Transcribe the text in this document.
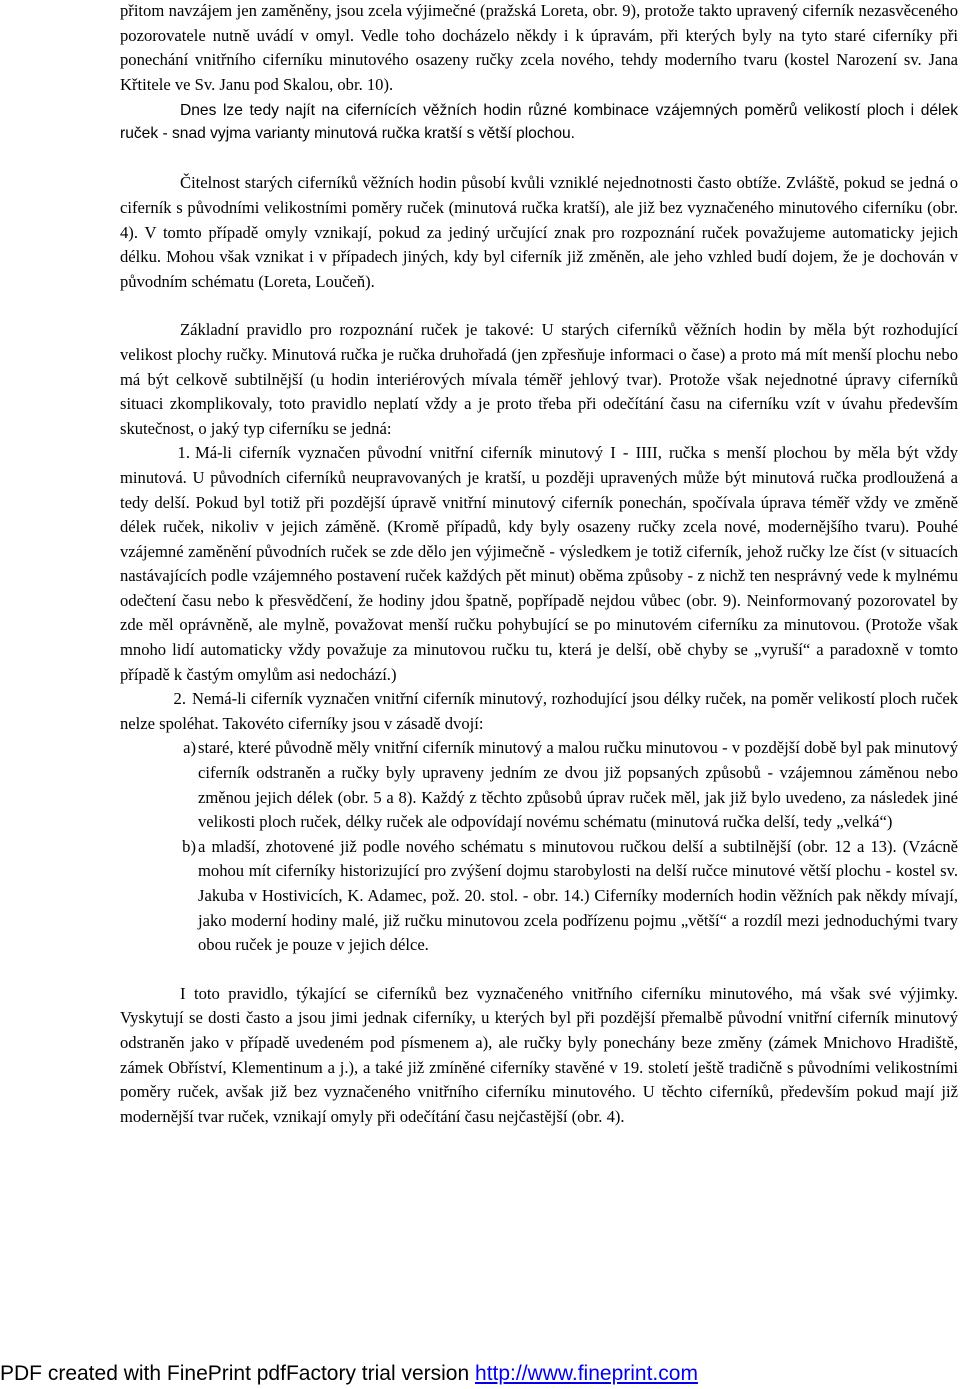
přitom navzájem jen zaměněny, jsou zcela výjimečné (pražská Loreta, obr. 9), protože takto upravený ciferník nezasvěceného pozorovatele nutně uvádí v omyl. Vedle toho docházelo někdy i k úpravám, při kterých byly na tyto staré ciferníky při ponechání vnitřního ciferníku minutového osazeny ručky zcela nového, tehdy moderního tvaru (kostel Narození sv. Jana Křtitele ve Sv. Janu pod Skalou, obr. 10).

Dnes lze tedy najít na cifernících věžních hodin různé kombinace vzájemných poměrů velikostí ploch i délek ruček - snad vyjma varianty minutová ručka kratší s větší plochou.

Čitelnost starých ciferníků věžních hodin působí kvůli vzniklé nejednotnosti často obtíže. Zvláště, pokud se jedná o ciferník s původními velikostními poměry ruček (minutová ručka kratší), ale již bez vyznačeného minutového ciferníku (obr. 4). V tomto případě omyly vznikají, pokud za jediný určující znak pro rozpoznání ruček považujeme automaticky jejich délku. Mohou však vznikat i v případech jiných, kdy byl ciferník již změněn, ale jeho vzhled budí dojem, že je dochován v původním schématu (Loreta, Loučeň).

Základní pravidlo pro rozpoznání ruček je takové: U starých ciferníků věžních hodin by měla být rozhodující velikost plochy ručky. Minutová ručka je ručka druhořadá (jen zpřesňuje informaci o čase) a proto má mít menší plochu nebo má být celkově subtilnější (u hodin interiérových mívala téměř jehlový tvar). Protože však nejednotné úpravy ciferníků situaci zkomplikovaly, toto pravidlo neplatí vždy a je proto třeba při odečítání času na ciferníku vzít v úvahu především skutečnost, o jaký typ ciferníku se jedná:

1. Má-li ciferník vyznačen původní vnitřní ciferník minutový I - IIII, ručka s menší plochou by měla být vždy minutová. U původních ciferníků neupravovaných je kratší, u později upravených může být minutová ručka prodloužená a tedy delší. Pokud byl totiž při pozdější úpravě vnitřní minutový ciferník ponechán, spočívala úprava téměř vždy ve změně délek ruček, nikoliv v jejich záměně. (Kromě případů, kdy byly osazeny ručky zcela nové, modernějšího tvaru). Pouhé vzájemné zaměnění původních ruček se zde dělo jen výjimečně - výsledkem je totiž ciferník, jehož ručky lze číst (v situacích nastávajících podle vzájemného postavení ruček každých pět minut) oběma způsoby - z nichž ten nesprávný vede k mylnému odečtení času nebo k přesvědčení, že hodiny jdou špatně, popřípadě nejdou vůbec (obr. 9). Neinformovaný pozorovatel by zde měl oprávněně, ale mylně, považovat menší ručku pohybující se po minutovém ciferníku za minutovou. (Protože však mnoho lidí automaticky vždy považuje za minutovou ručku tu, která je delší, obě chyby se „vyruší“ a paradoxně v tomto případě k častým omylům asi nedochází.)

2. Nemá-li ciferník vyznačen vnitřní ciferník minutový, rozhodující jsou délky ruček, na poměr velikostí ploch ruček nelze spoléhat. Takovéto ciferníky jsou v zásadě dvojí:

a) staré, které původně měly vnitřní ciferník minutový a malou ručku minutovou - v pozdější době byl pak minutový ciferník odstraněn a ručky byly upraveny jedním ze dvou již popsaných způsobů - vzájemnou záměnou nebo změnou jejich délek (obr. 5 a 8). Každý z těchto způsobů úprav ruček měl, jak již bylo uvedeno, za následek jiné velikosti ploch ruček, délky ruček ale odpovídají novému schématu (minutová ručka delší, tedy „velká“)

b) a mladší, zhotovené již podle nového schématu s minutovou ručkou delší a subtilnější (obr. 12 a 13). (Vzácně mohou mít ciferníky historizující pro zvýšení dojmu starobylosti na delší ručce minutové větší plochu - kostel sv. Jakuba v Hostivicích, K. Adamec, pož. 20. stol. - obr. 14.) Ciferníky moderních hodin věžních pak někdy mívají, jako moderní hodiny malé, již ručku minutovou zcela podřízenu pojmu „větší“ a rozdíl mezi jednoduchými tvary obou ruček je pouze v jejich délce.

I toto pravidlo, týkající se ciferníků bez vyznačeného vnitřního ciferníku minutového, má však své výjimky. Vyskytují se dosti často a jsou jimi jednak ciferníky, u kterých byl při pozdější přemalbě původní vnitřní ciferník minutový odstraněn jako v případě uvedeném pod písmenem a), ale ručky byly ponechány beze změny (zámek Mnichovo Hradiště, zámek Obříství, Klementinum a j.), a také již zmíněné ciferníky stavěné v 19. století ještě tradičně s původními velikostními poměry ruček, avšak již bez vyznačeného vnitřního ciferníku minutového. U těchto ciferníků, především pokud mají již modernější tvar ruček, vznikají omyly při odečítání času nejčastější (obr. 4).

PDF created with FinePrint pdfFactory trial version http://www.fineprint.com
